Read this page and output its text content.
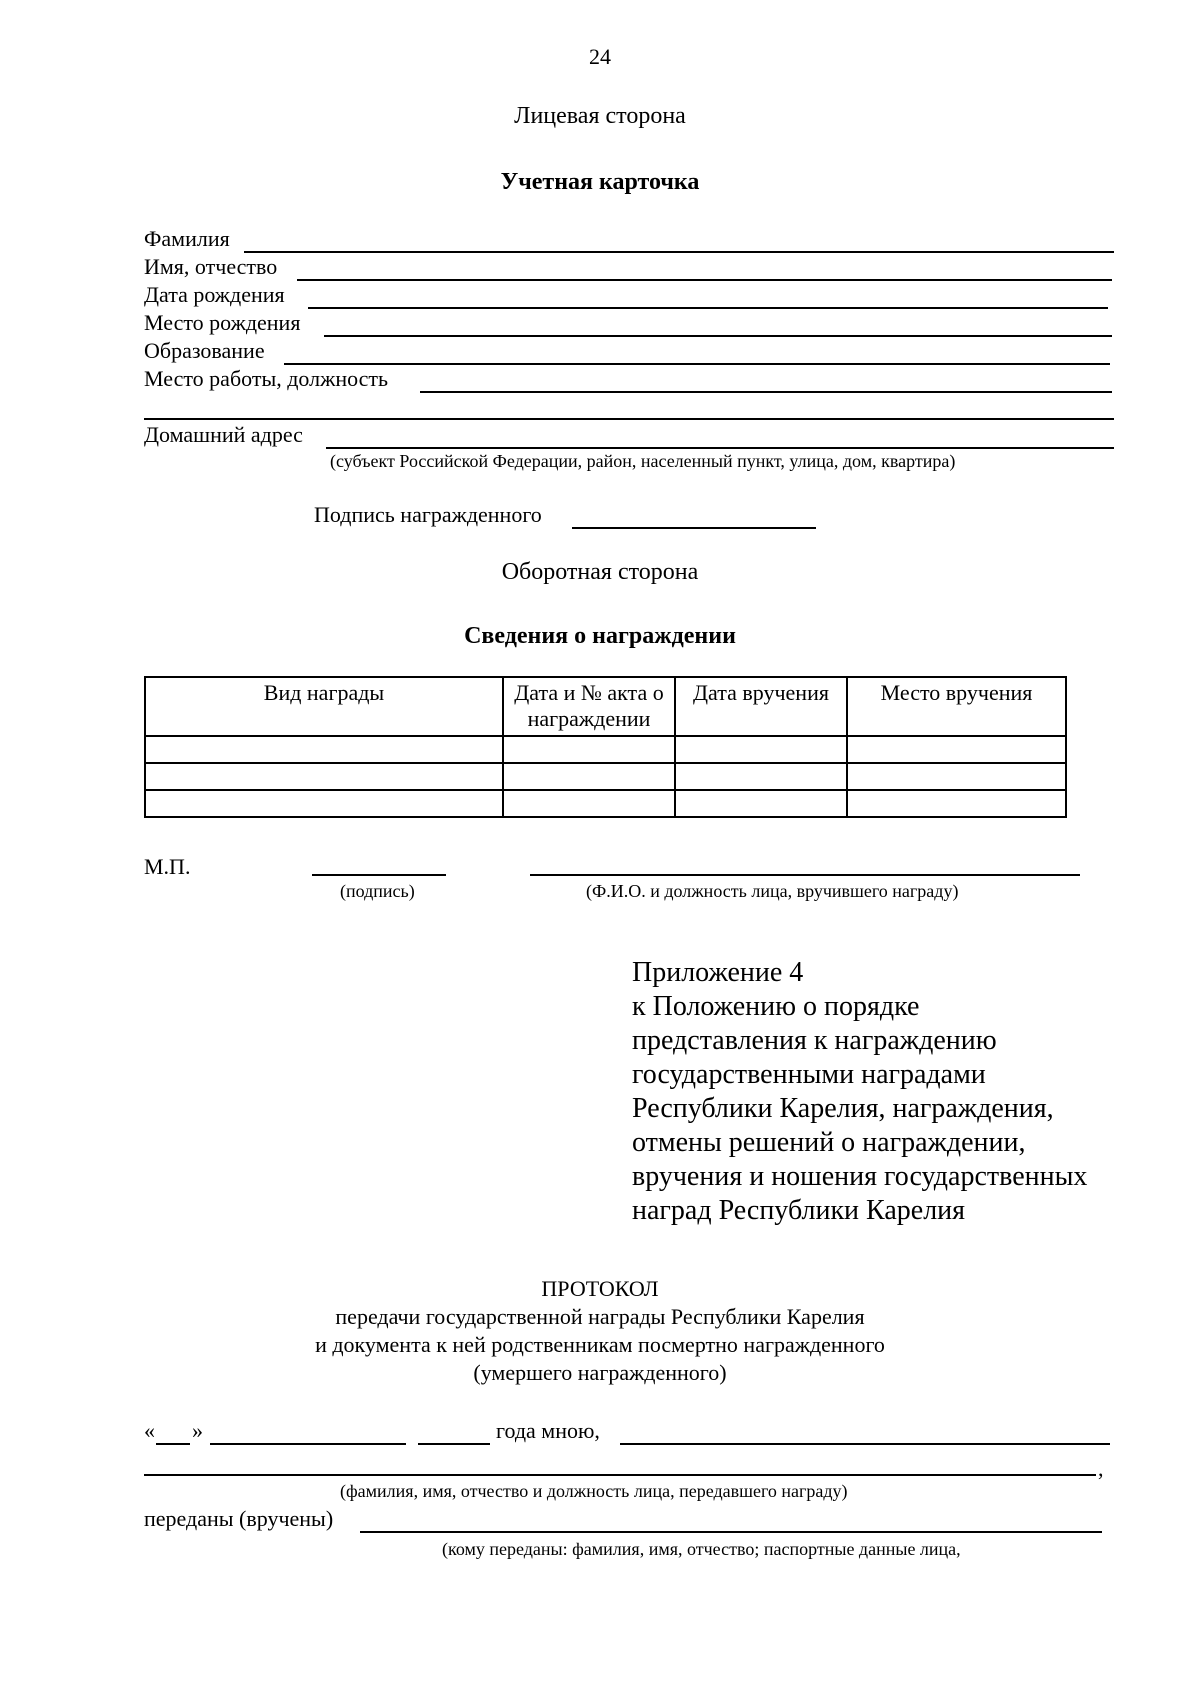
24
Лицевая сторона
Учетная карточка
Фамилия
Имя, отчество
Дата рождения
Место рождения
Образование
Место работы, должность
Домашний адрес
(субъект Российской Федерации, район, населенный пункт, улица, дом, квартира)
Подпись награжденного
Оборотная сторона
Сведения о награждении
Вид награды	Дата и № акта о награждении	Дата вручения	Место вручения

М.П.
(подпись)	(Ф.И.О. и должность лица, вручившего награду)
Приложение 4
к Положению о порядке
представления к награждению
государственными наградами
Республики Карелия, награждения,
отмены решений о награждении,
вручения и ношения государственных
наград Республики Карелия
ПРОТОКОЛ
передачи государственной награды Республики Карелия
и документа к ней родственникам посмертно награжденного
(умершего награжденного)
« »	года мною,
,
(фамилия, имя, отчество и должность лица, передавшего награду)
переданы (вручены)
(кому переданы: фамилия, имя, отчество; паспортные данные лица,
